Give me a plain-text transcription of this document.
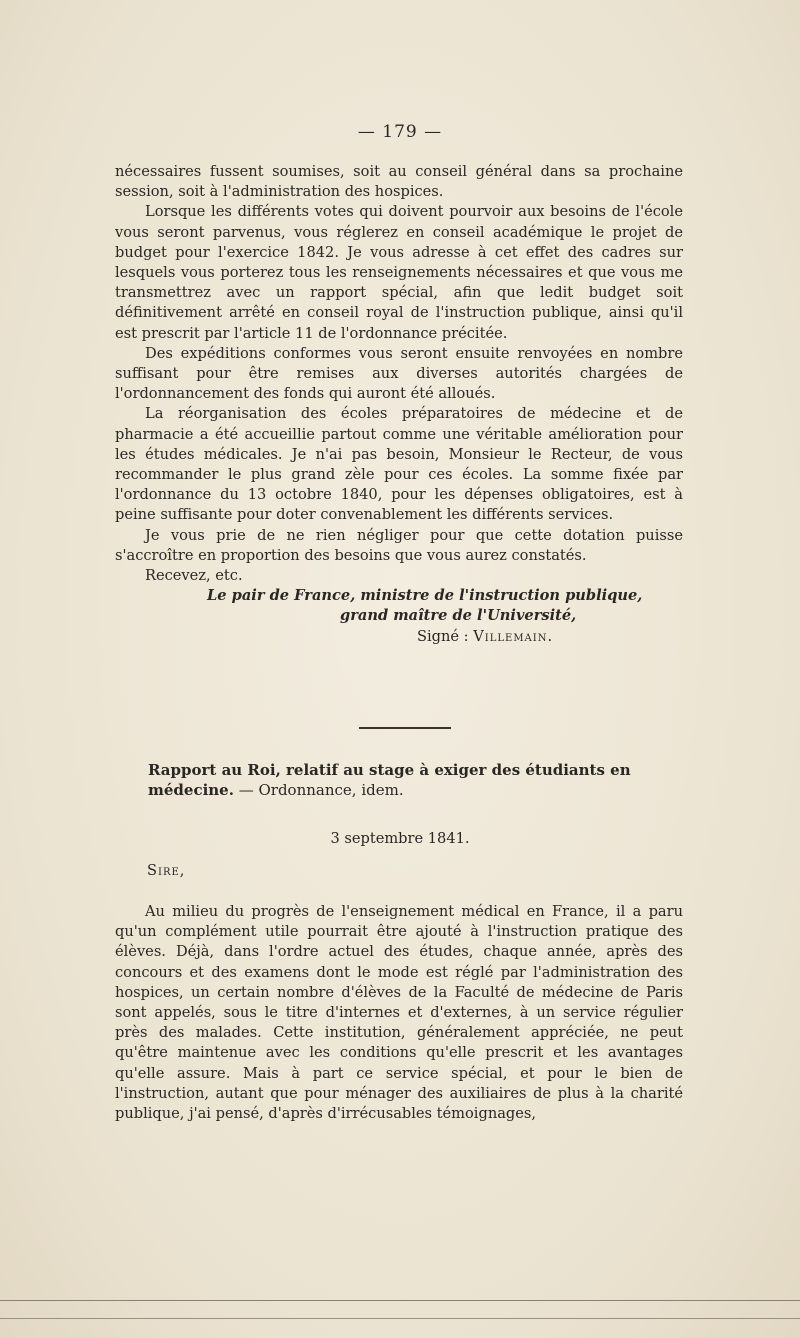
— 179 —

nécessaires fussent soumises, soit au conseil général dans sa prochaine session, soit à l'administration des hospices.

Lorsque les différents votes qui doivent pourvoir aux besoins de l'école vous seront parvenus, vous réglerez en conseil académique le projet de budget pour l'exercice 1842. Je vous adresse à cet effet des cadres sur lesquels vous porterez tous les renseignements nécessaires et que vous me transmettrez avec un rapport spécial, afin que ledit budget soit définitivement arrêté en conseil royal de l'instruction publique, ainsi qu'il est prescrit par l'article 11 de l'ordonnance précitée.

Des expéditions conformes vous seront ensuite renvoyées en nombre suffisant pour être remises aux diverses autorités chargées de l'ordonnancement des fonds qui auront été alloués.

La réorganisation des écoles préparatoires de médecine et de pharmacie a été accueillie partout comme une véritable amélioration pour les études médicales. Je n'ai pas besoin, Monsieur le Recteur, de vous recommander le plus grand zèle pour ces écoles. La somme fixée par l'ordonnance du 13 octobre 1840, pour les dépenses obligatoires, est à peine suffisante pour doter convenablement les différents services.

Je vous prie de ne rien négliger pour que cette dotation puisse s'accroître en proportion des besoins que vous aurez constatés.

Recevez, etc.

Le pair de France, ministre de l'instruction publique,

grand maître de l'Université,

Signé : Villemain.

Rapport au Roi, relatif au stage à exiger des étudiants en médecine. — Ordonnance, idem.

3 septembre 1841.

Sire,

Au milieu du progrès de l'enseignement médical en France, il a paru qu'un complément utile pourrait être ajouté à l'instruction pratique des élèves. Déjà, dans l'ordre actuel des études, chaque année, après des concours et des examens dont le mode est réglé par l'administration des hospices, un certain nombre d'élèves de la Faculté de médecine de Paris sont appelés, sous le titre d'internes et d'externes, à un service régulier près des malades. Cette institution, généralement appréciée, ne peut qu'être maintenue avec les conditions qu'elle prescrit et les avantages qu'elle assure. Mais à part ce service spécial, et pour le bien de l'instruction, autant que pour ménager des auxiliaires de plus à la charité publique, j'ai pensé, d'après d'irrécusables témoignages,
